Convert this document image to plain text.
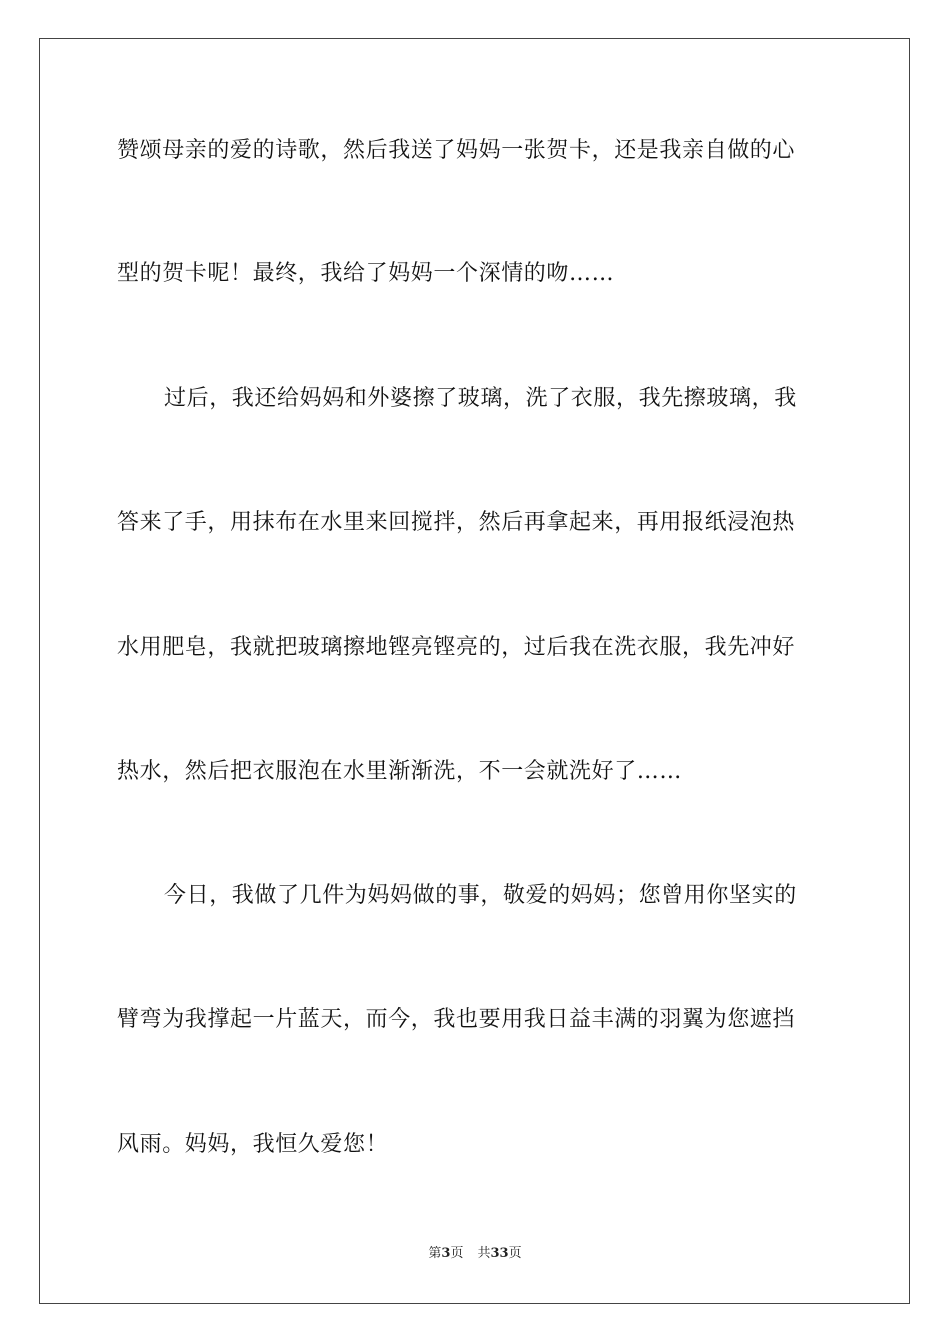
赞颂母亲的爱的诗歌，然后我送了妈妈一张贺卡，还是我亲自做的心
型的贺卡呢！最终，我给了妈妈一个深情的吻……
过后，我还给妈妈和外婆擦了玻璃，洗了衣服，我先擦玻璃，我
答来了手，用抹布在水里来回搅拌，然后再拿起来，再用报纸浸泡热
水用肥皂，我就把玻璃擦地铿亮铿亮的，过后我在洗衣服，我先冲好
热水，然后把衣服泡在水里渐渐洗，不一会就洗好了……
今日，我做了几件为妈妈做的事，敬爱的妈妈；您曾用你坚实的
臂弯为我撑起一片蓝天，而今，我也要用我日益丰满的羽翼为您遮挡
风雨。妈妈，我恒久爱您！
第3页 共33页
